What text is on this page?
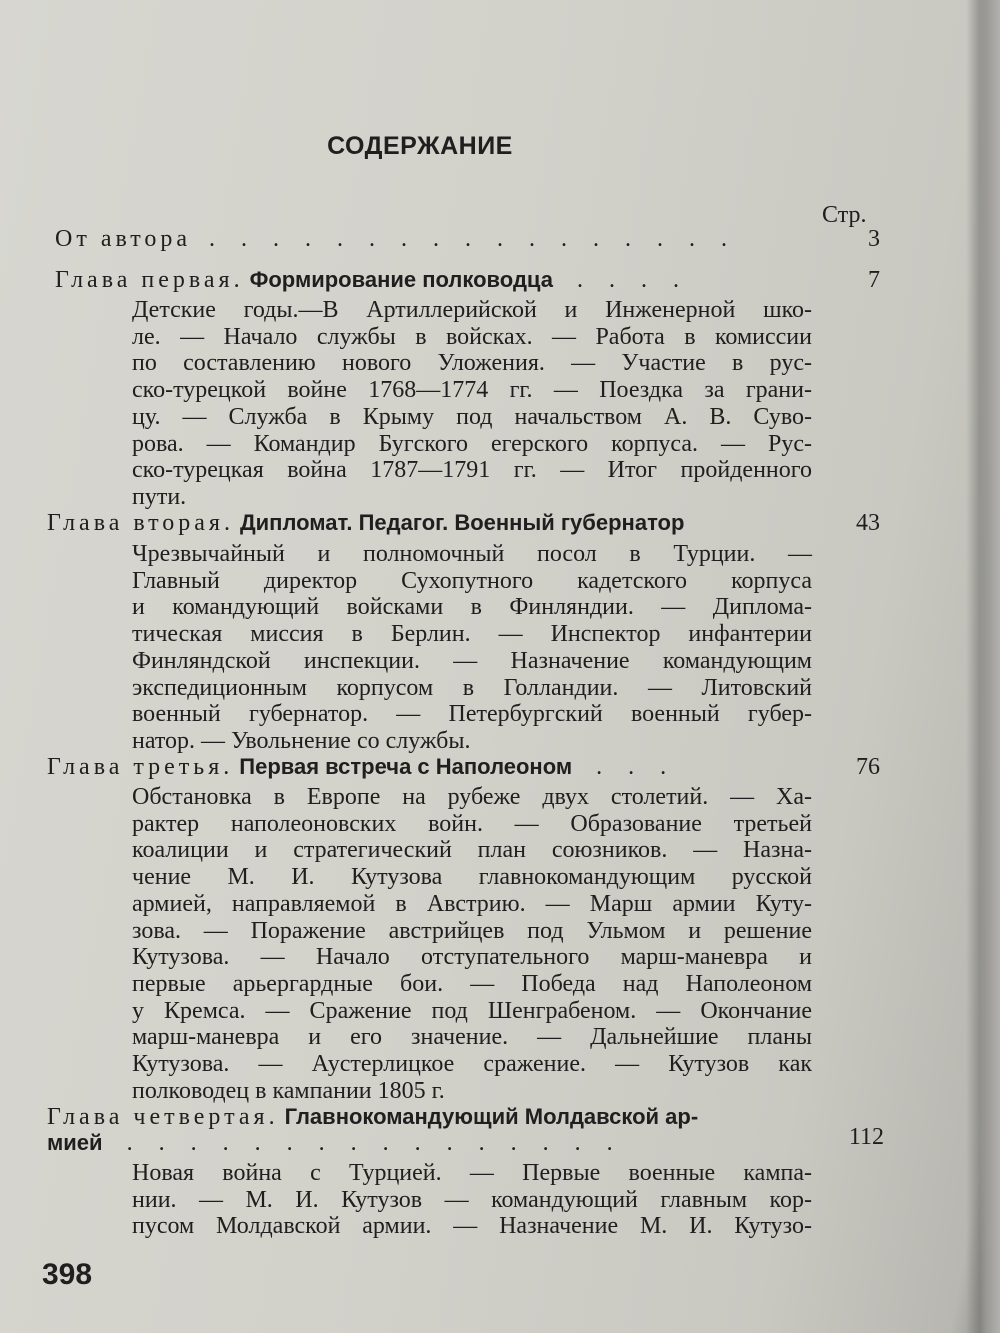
СОДЕРЖАНИЕ
Стр.
От автора . . . . . . . . . . . . . . . . .	3
Глава первая. Формирование полководца . . . .	7
Детские годы.—В Артиллерийской и Инженерной шко-
ле. — Начало службы в войсках. — Работа в комиссии
по составлению нового Уложения. — Участие в рус-
ско-турецкой войне 1768—1774 гг. — Поездка за грани-
цу. — Служба в Крыму под начальством А. В. Суво-
рова. — Командир Бугского егерского корпуса. — Рус-
ско-турецкая война 1787—1791 гг. — Итог пройденного
пути.
Глава вторая. Дипломат. Педагог. Военный губернатор	43
Чрезвычайный и полномочный посол в Турции. —
Главный директор Сухопутного кадетского корпуса
и командующий войсками в Финляндии. — Диплома-
тическая миссия в Берлин. — Инспектор инфантерии
Финляндской инспекции. — Назначение командующим
экспедиционным корпусом в Голландии. — Литовский
военный губернатор. — Петербургский военный губер-
натор. — Увольнение со службы.
Глава третья. Первая встреча с Наполеоном . . .	76
Обстановка в Европе на рубеже двух столетий. — Ха-
рактер наполеоновских войн. — Образование третьей
коалиции и стратегический план союзников. — Назна-
чение М. И. Кутузова главнокомандующим русской
армией, направляемой в Австрию. — Марш армии Куту-
зова. — Поражение австрийцев под Ульмом и решение
Кутузова. — Начало отступательного марш-маневра и
первые арьергардные бои. — Победа над Наполеоном
у Кремса. — Сражение под Шенграбеном. — Окончание
марш-маневра и его значение. — Дальнейшие планы
Кутузова. — Аустерлицкое сражение. — Кутузов как
полководец в кампании 1805 г.
Глава четвертая. Главнокомандующий Молдавской ар-
мией . . . . . . . . . . . . . . . .	112
Новая война с Турцией. — Первые военные кампа-
нии. — М. И. Кутузов — командующий главным кор-
пусом Молдавской армии. — Назначение М. И. Кутузо-
398
